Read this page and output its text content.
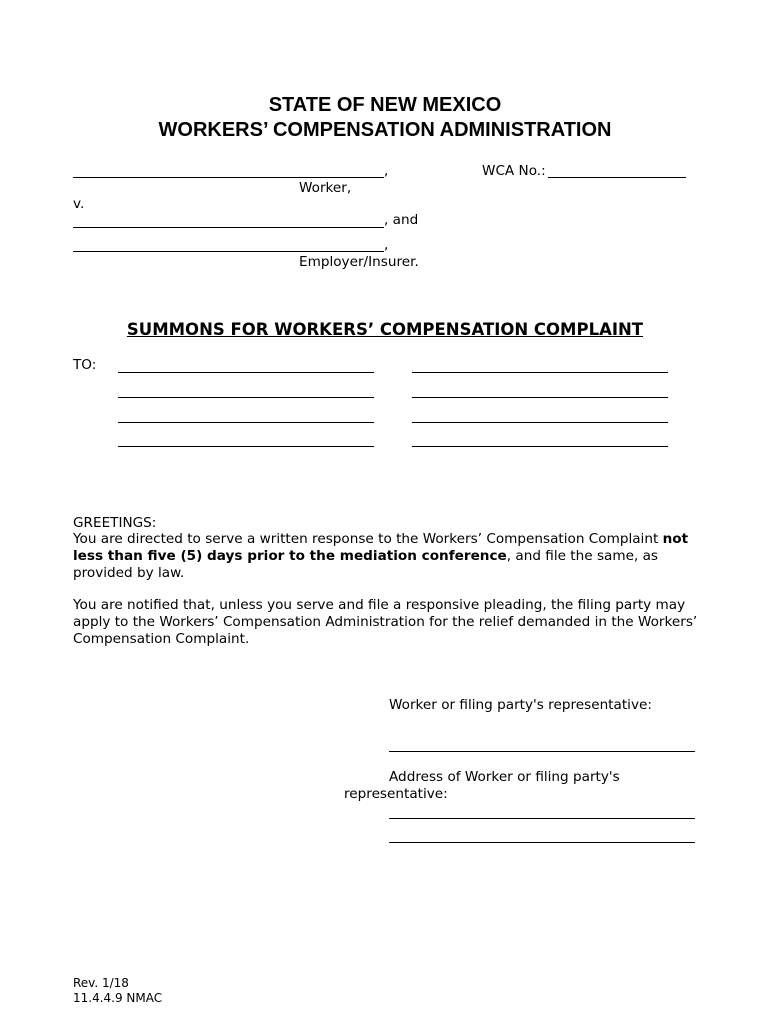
STATE OF NEW MEXICO
WORKERS’ COMPENSATION ADMINISTRATION
,	WCA No.:
Worker,
v.
, and
,
Employer/Insurer.
SUMMONS FOR WORKERS’ COMPENSATION COMPLAINT
TO:
GREETINGS:
You are directed to serve a written response to the Workers’ Compensation Complaint not less than five (5) days prior to the mediation conference, and file the same, as provided by law.
You are notified that, unless you serve and file a responsive pleading, the filing party may apply to the Workers’ Compensation Administration for the relief demanded in the Workers’ Compensation Complaint.
Worker or filing party's representative:
Address of Worker or filing party's
representative:
Rev. 1/18
11.4.4.9 NMAC
